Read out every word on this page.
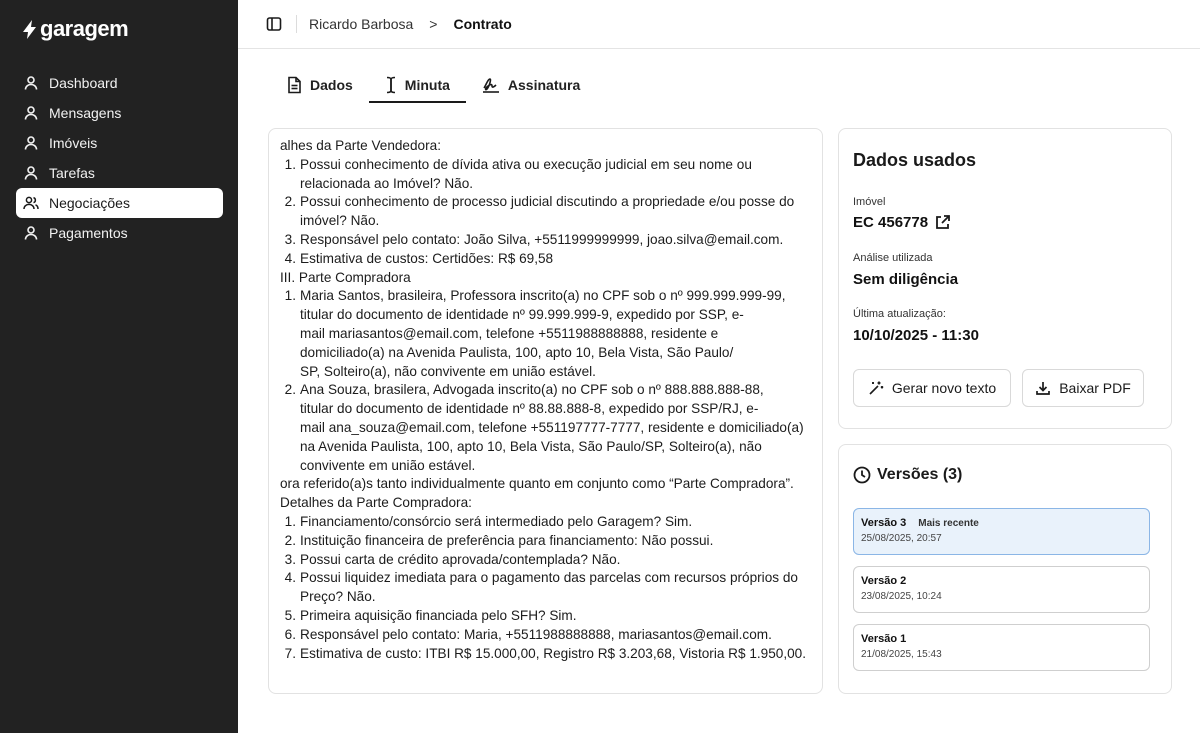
garagem
Dashboard
Mensagens
Imóveis
Tarefas
Negociações
Pagamentos
Ricardo Barbosa > Contrato
Dados	Minuta	Assinatura

alhes da Parte Vendedora:

1. Possui conhecimento de dívida ativa ou execução judicial em seu nome ou
relacionada ao Imóvel? Não.
2. Possui conhecimento de processo judicial discutindo a propriedade e/ou posse do
imóvel? Não.
3. Responsável pelo contato: João Silva, +5511999999999, joao.silva@email.com.
4. Estimativa de custos: Certidões: R$ 69,58

III. Parte Compradora

1. Maria Santos, brasileira, Professora inscrito(a) no CPF sob o nº 999.999.999-99,
titular do documento de identidade nº 99.999.999-9, expedido por SSP, e-
mail mariasantos@email.com, telefone +5511988888888, residente e
domiciliado(a) na Avenida Paulista, 100, apto 10, Bela Vista, São Paulo/
SP, Solteiro(a), não convivente em união estável.
2. Ana Souza, brasilera, Advogada inscrito(a) no CPF sob o nº 888.888.888-88,
titular do documento de identidade nº 88.88.888-8, expedido por SSP/RJ, e-
mail ana_souza@email.com, telefone +551197777-7777, residente e domiciliado(a)
na Avenida Paulista, 100, apto 10, Bela Vista, São Paulo/SP, Solteiro(a), não
convivente em união estável.

ora referido(a)s tanto individualmente quanto em conjunto como “Parte Compradora”.

Detalhes da Parte Compradora:

1. Financiamento/consórcio será intermediado pelo Garagem? Sim.
2. Instituição financeira de preferência para financiamento: Não possui.
3. Possui carta de crédito aprovada/contemplada? Não.
4. Possui liquidez imediata para o pagamento das parcelas com recursos próprios do
Preço? Não.
5. Primeira aquisição financiada pelo SFH? Sim.
6. Responsável pelo contato: Maria, +5511988888888, mariasantos@email.com.
7. Estimativa de custo: ITBI R$ 15.000,00, Registro R$ 3.203,68, Vistoria R$ 1.950,00.
Dados usados
Imóvel
EC 456778
Análise utilizada
Sem diligência
Última atualização:
10/10/2025 - 11:30
Gerar novo texto	Baixar PDF
Versões (3)
Versão 3 Mais recente
25/08/2025, 20:57
Versão 2
23/08/2025, 10:24
Versão 1
21/08/2025, 15:43
